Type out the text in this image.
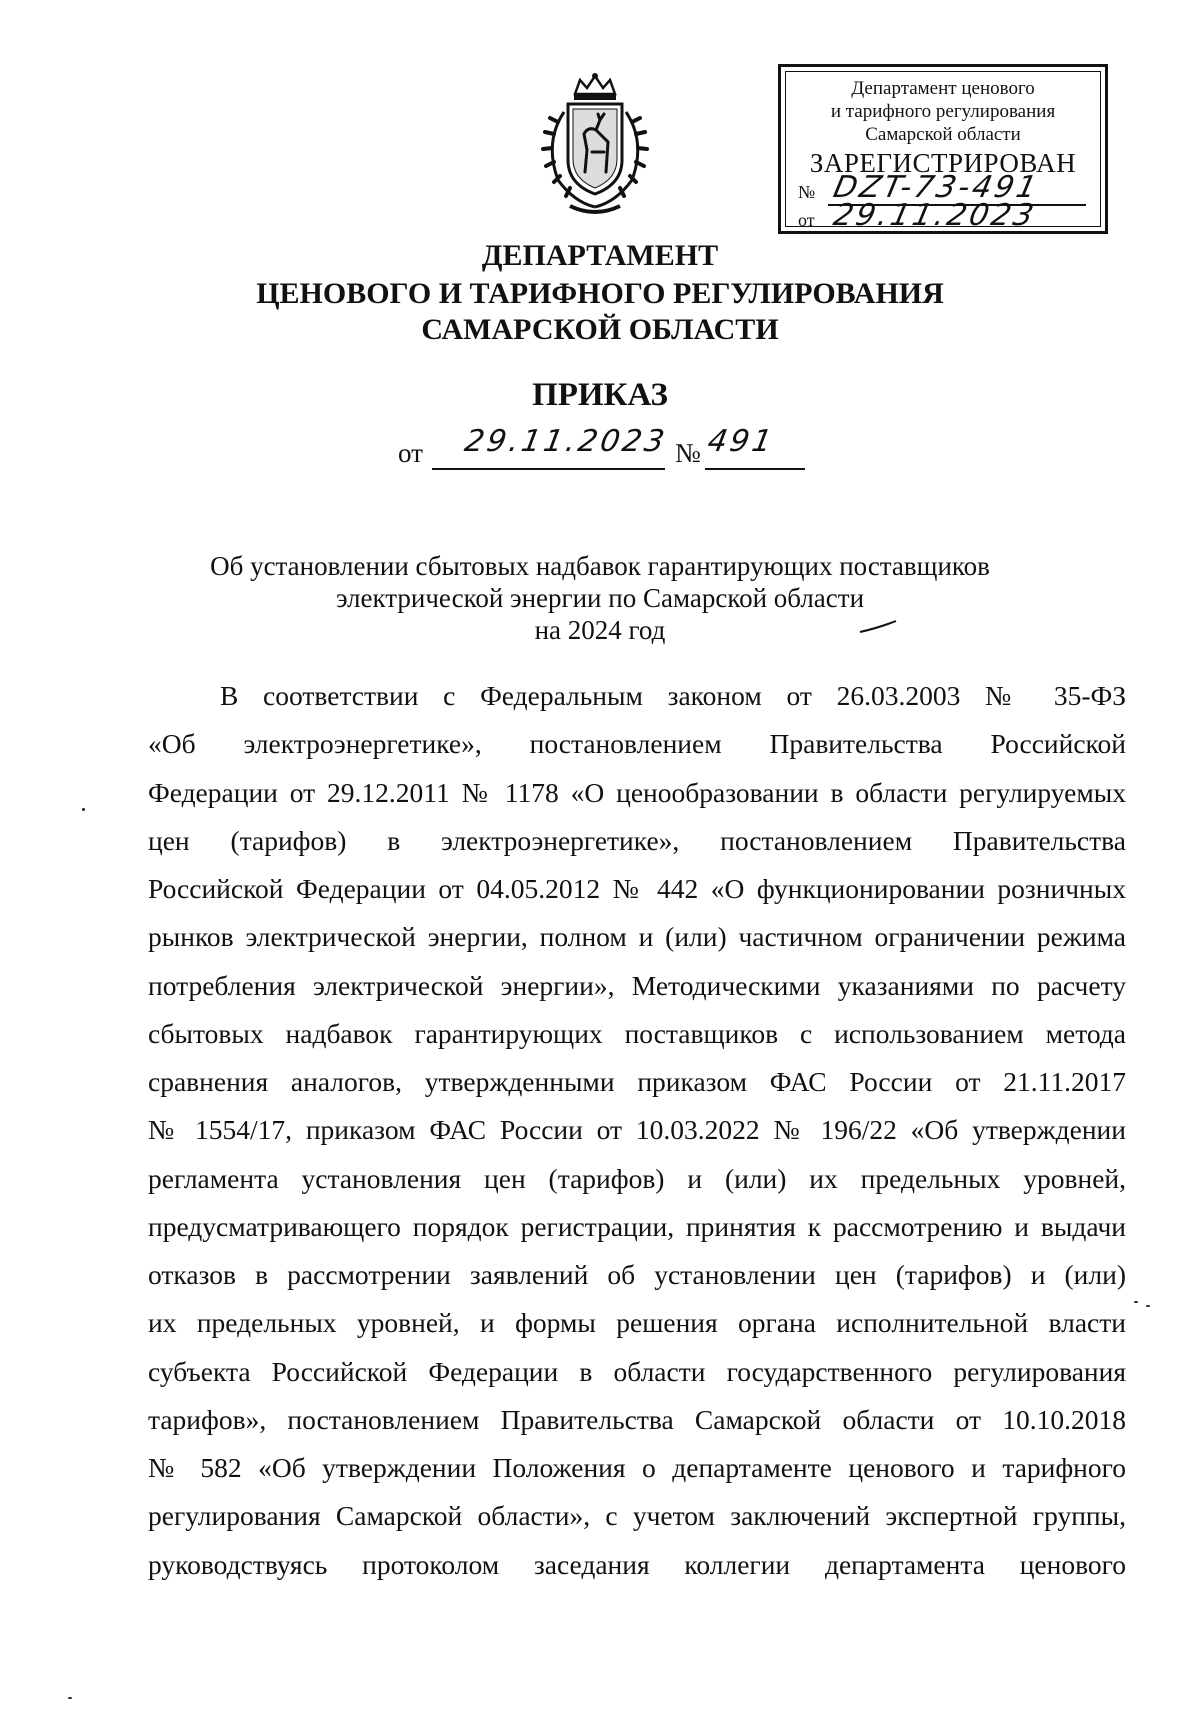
Департамент ценового
и тарифного регулирования
Самарской области
ЗАРЕГИСТРИРОВАН
№ DZT-73-491
от 29.11.2023
ДЕПАРТАМЕНТ
ЦЕНОВОГО И ТАРИФНОГО РЕГУЛИРОВАНИЯ
САМАРСКОЙ ОБЛАСТИ
ПРИКАЗ
от 29.11.2023 № 491
Об установлении сбытовых надбавок гарантирующих поставщиков
электрической энергии по Самарской области
на 2024 год
В соответствии с Федеральным законом от 26.03.2003 № 35-ФЗ
«Об электроэнергетике», постановлением Правительства Российской
Федерации от 29.12.2011 № 1178 «О ценообразовании в области регулируемых
цен (тарифов) в электроэнергетике», постановлением Правительства
Российской Федерации от 04.05.2012 № 442 «О функционировании розничных
рынков электрической энергии, полном и (или) частичном ограничении режима
потребления электрической энергии», Методическими указаниями по расчету
сбытовых надбавок гарантирующих поставщиков с использованием метода
сравнения аналогов, утвержденными приказом ФАС России от 21.11.2017
№ 1554/17, приказом ФАС России от 10.03.2022 № 196/22 «Об утверждении
регламента установления цен (тарифов) и (или) их предельных уровней,
предусматривающего порядок регистрации, принятия к рассмотрению и выдачи
отказов в рассмотрении заявлений об установлении цен (тарифов) и (или)
их предельных уровней, и формы решения органа исполнительной власти
субъекта Российской Федерации в области государственного регулирования
тарифов», постановлением Правительства Самарской области от 10.10.2018
№ 582 «Об утверждении Положения о департаменте ценового и тарифного
регулирования Самарской области», с учетом заключений экспертной группы,
руководствуясь протоколом заседания коллегии департамента ценового
